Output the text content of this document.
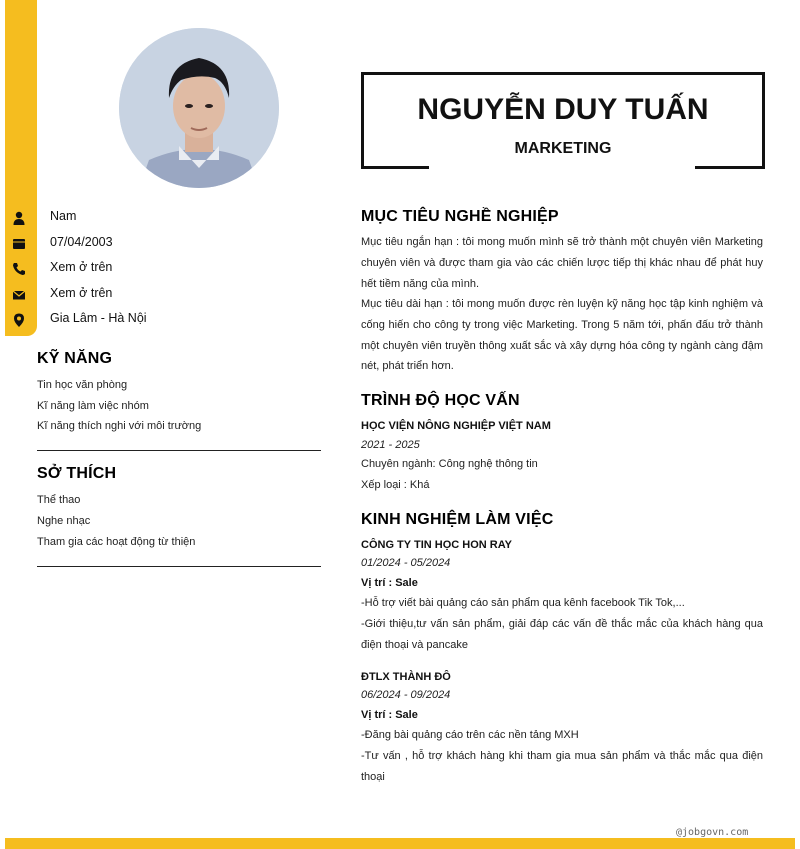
Nam
07/04/2003
Xem ở trên
Xem ở trên
Gia Lâm - Hà Nội
KỸ NĂNG
Tin học văn phòng
Kĩ năng làm việc nhóm
Kĩ năng thích nghi với môi trường
SỞ THÍCH
Thể thao
Nghe nhạc
Tham gia các hoạt động từ thiện
NGUYỄN DUY TUẤN
MARKETING
MỤC TIÊU NGHỀ NGHIỆP
Mục tiêu ngắn hạn : tôi mong muốn mình sẽ trở thành một chuyên viên Marketing chuyên viên và được tham gia vào các chiến lược tiếp thị khác nhau để phát huy hết tiềm năng của mình.
Mục tiêu dài hạn : tôi mong muốn được rèn luyện kỹ năng học tập kinh nghiệm và cống hiến cho công ty trong việc Marketing. Trong 5 năm tới, phấn đấu trở thành một chuyên viên truyền thông xuất sắc và xây dựng hóa công ty ngành càng đậm nét, phát triển hơn.
TRÌNH ĐỘ HỌC VẤN
HỌC VIỆN NÔNG NGHIỆP VIỆT NAM
2021 - 2025
Chuyên ngành: Công nghệ thông tin
Xếp loại : Khá
KINH NGHIỆM LÀM VIỆC
CÔNG TY TIN HỌC HON RAY
01/2024 - 05/2024
Vị trí : Sale
-Hỗ trợ viết bài quảng cáo sản phẩm qua kênh facebook Tik Tok,...
-Giới thiệu,tư vấn sản phẩm, giải đáp các vấn đề thắc mắc của khách hàng qua điện thoại và pancake
ĐTLX THÀNH ĐÔ
06/2024 - 09/2024
Vị trí : Sale
-Đăng bài quảng cáo trên các nền tảng MXH
-Tư vấn , hỗ trợ khách hàng khi tham gia mua sản phẩm và thắc mắc qua điện thoại
@jobgovn.com
